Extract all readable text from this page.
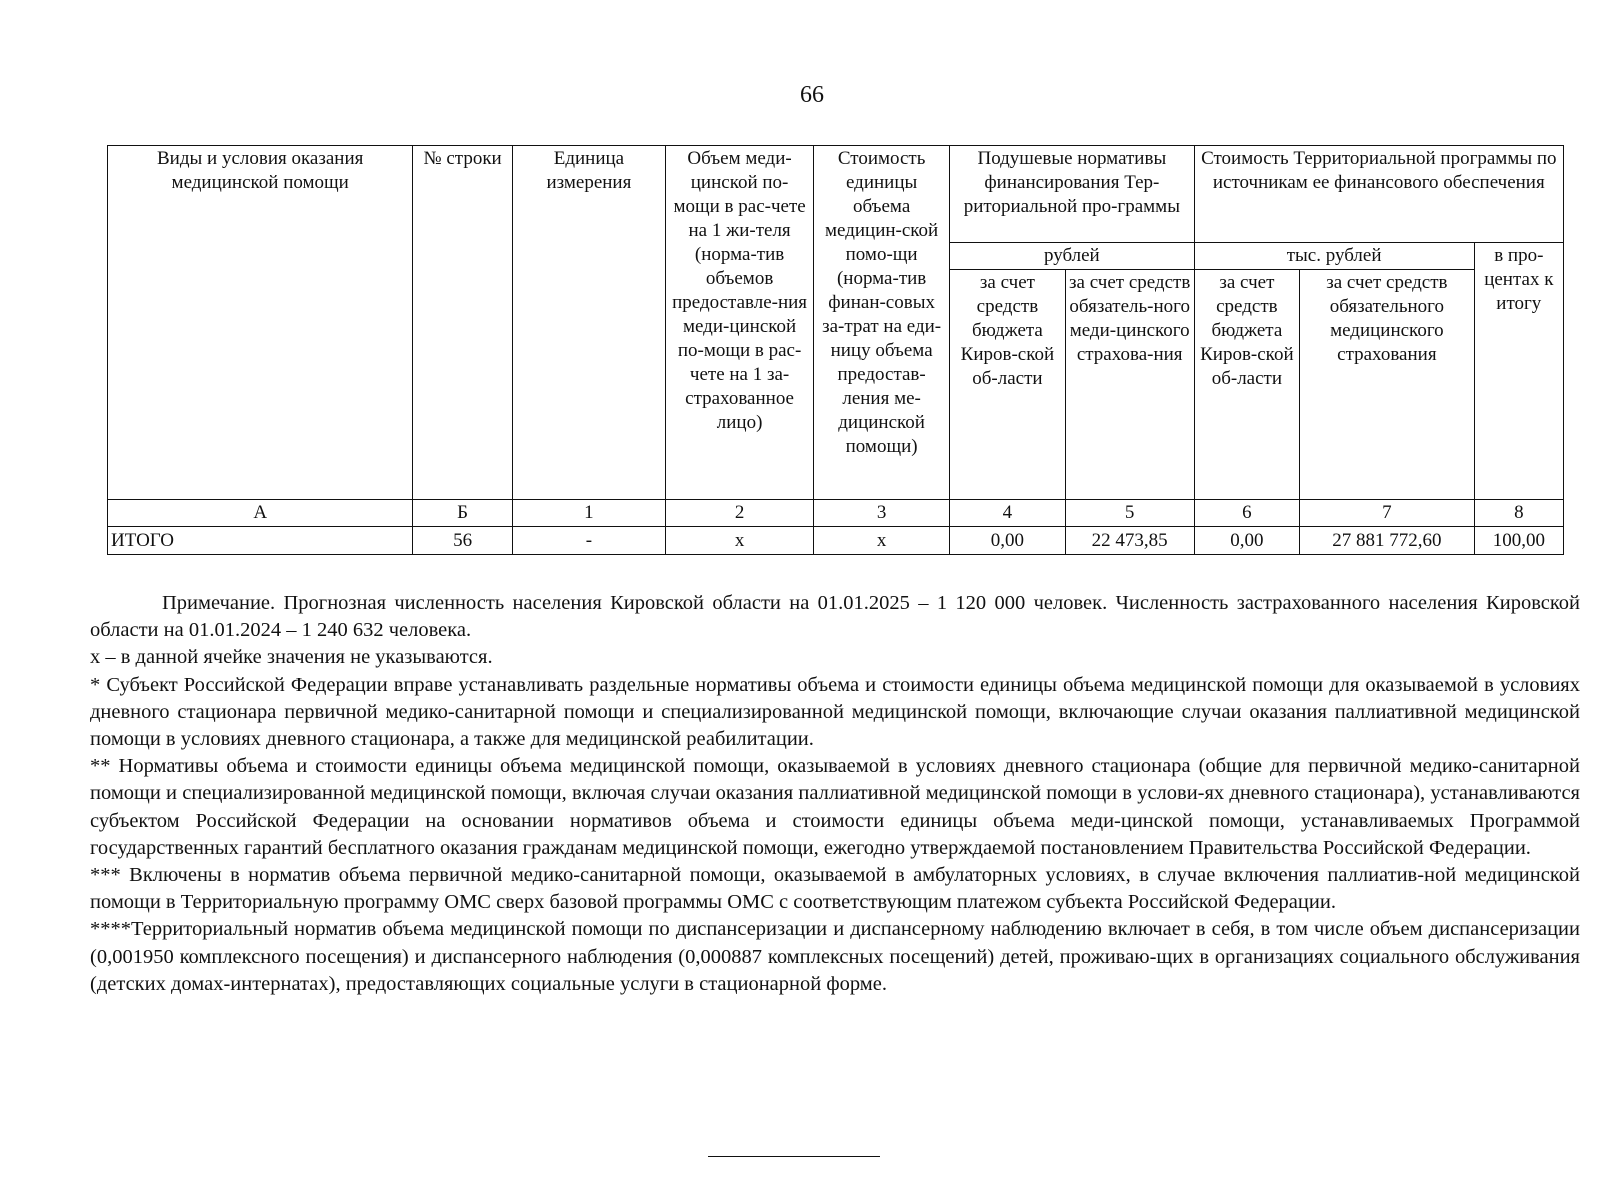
66
Виды и условия оказания медицинской помощи	№ строки	Единица измерения	Объем меди-цинской по-мощи в рас-чете на 1 жи-теля (норма-тив объемов предоставле-ния меди-цинской по-мощи в рас-чете на 1 за-страхованное лицо)	Стоимость единицы объема медицин-ской помо-щи (норма-тив финан-совых за-трат на еди-ницу объема предостав-ления ме-дицинской помощи)	Подушевые нормативы финансирования Тер-риториальной про-граммы		Стоимость Территориальной программы по источникам ее финансового обеспечения		
					рублей		тыс. рублей		в про-центах к итогу
					за счет средств бюджета Киров-ской об-ласти	за счет средств обязатель-ного меди-цинского страхова-ния	за счет средств бюджета Киров-ской об-ласти	за счет средств обязательного медицинского страхования	
А	Б	1	2	3	4	5	6	7	8
ИТОГО	56	-	х	х	0,00	22 473,85	0,00	27 881 772,60	100,00

Примечание. Прогнозная численность населения Кировской области на 01.01.2025 – 1 120 000 человек. Численность застрахованного населения Кировской области на 01.01.2024 – 1 240 632 человека.

х – в данной ячейке значения не указываются.

* Субъект Российской Федерации вправе устанавливать раздельные нормативы объема и стоимости единицы объема медицинской помощи для оказываемой в условиях дневного стационара первичной медико-санитарной помощи и специализированной медицинской помощи, включающие случаи оказания паллиативной медицинской помощи в условиях дневного стационара, а также для медицинской реабилитации.

** Нормативы объема и стоимости единицы объема медицинской помощи, оказываемой в условиях дневного стационара (общие для первичной медико-санитарной помощи и специализированной медицинской помощи, включая случаи оказания паллиативной медицинской помощи в услови-ях дневного стационара), устанавливаются субъектом Российской Федерации на основании нормативов объема и стоимости единицы объема меди-цинской помощи, устанавливаемых Программой государственных гарантий бесплатного оказания гражданам медицинской помощи, ежегодно утверждаемой постановлением Правительства Российской Федерации.

*** Включены в норматив объема первичной медико-санитарной помощи, оказываемой в амбулаторных условиях, в случае включения паллиатив-ной медицинской помощи в Территориальную программу ОМС сверх базовой программы ОМС с соответствующим платежом субъекта Российской Федерации.

****Территориальный норматив объема медицинской помощи по диспансеризации и диспансерному наблюдению включает в себя, в том числе объем диспансеризации (0,001950 комплексного посещения) и диспансерного наблюдения (0,000887 комплексных посещений) детей, проживаю-щих в организациях социального обслуживания (детских домах-интернатах), предоставляющих социальные услуги в стационарной форме.
